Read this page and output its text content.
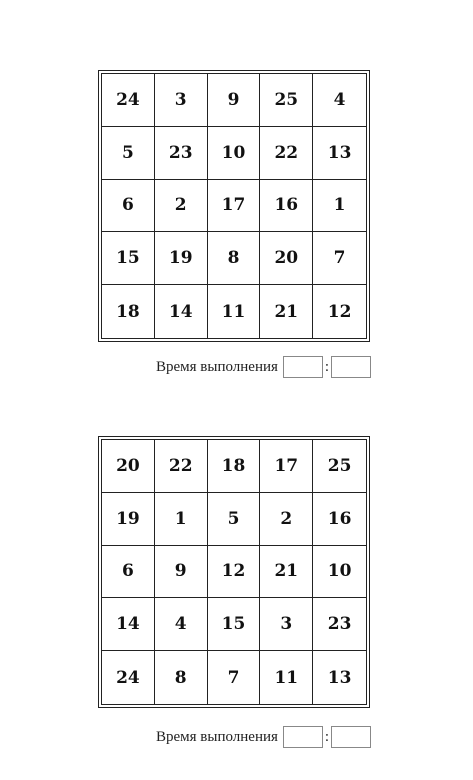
24	3	9	25	4
5	23	10	22	13
6	2	17	16	1
15	19	8	20	7
18	14	11	21	12
Время выполнения	:
20	22	18	17	25
19	1	5	2	16
6	9	12	21	10
14	4	15	3	23
24	8	7	11	13
Время выполнения	:
